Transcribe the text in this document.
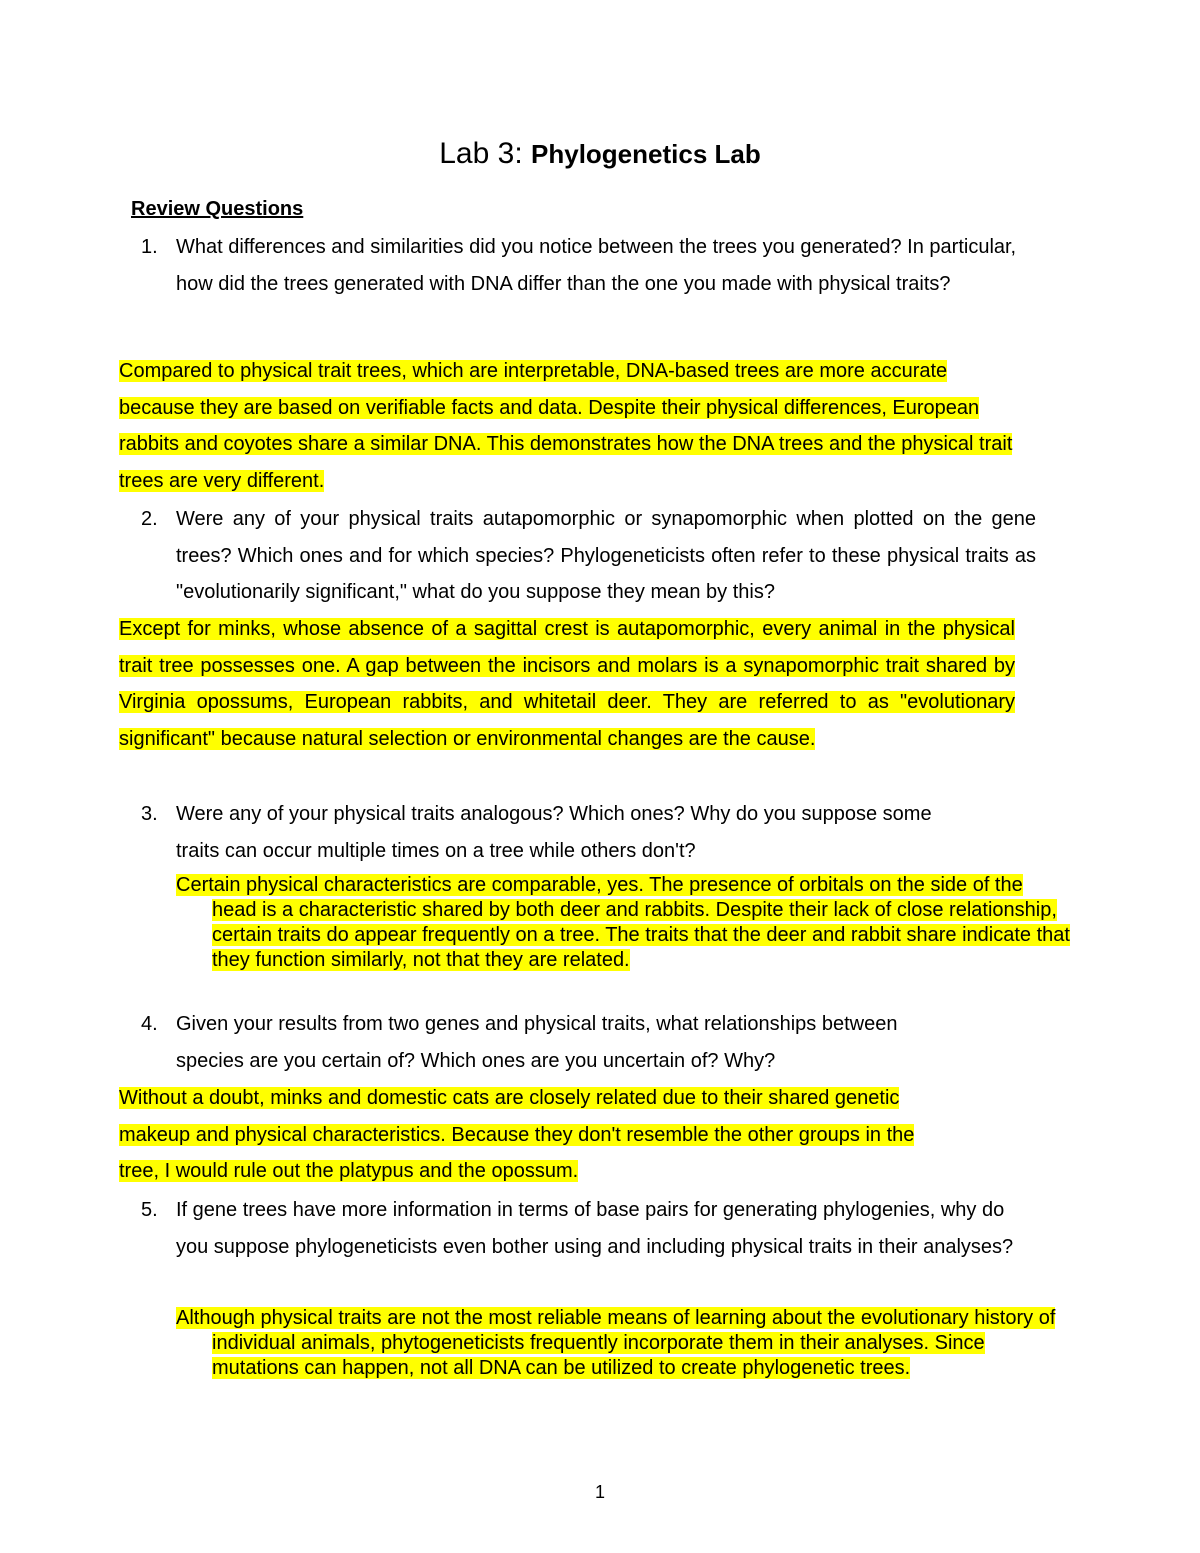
Lab 3: Phylogenetics Lab
Review Questions
1. What differences and similarities did you notice between the trees you generated? In particular, how did the trees generated with DNA differ than the one you made with physical traits?
Compared to physical trait trees, which are interpretable, DNA-based trees are more accurate because they are based on verifiable facts and data. Despite their physical differences, European rabbits and coyotes share a similar DNA. This demonstrates how the DNA trees and the physical trait trees are very different.
2. Were any of your physical traits autapomorphic or synapomorphic when plotted on the gene trees? Which ones and for which species? Phylogeneticists often refer to these physical traits as "evolutionarily significant," what do you suppose they mean by this?
Except for minks, whose absence of a sagittal crest is autapomorphic, every animal in the physical trait tree possesses one. A gap between the incisors and molars is a synapomorphic trait shared by Virginia opossums, European rabbits, and whitetail deer. They are referred to as "evolutionary significant" because natural selection or environmental changes are the cause.
3. Were any of your physical traits analogous? Which ones? Why do you suppose some traits can occur multiple times on a tree while others don't?
Certain physical characteristics are comparable, yes. The presence of orbitals on the side of the head is a characteristic shared by both deer and rabbits. Despite their lack of close relationship, certain traits do appear frequently on a tree. The traits that the deer and rabbit share indicate that they function similarly, not that they are related.
4. Given your results from two genes and physical traits, what relationships between species are you certain of? Which ones are you uncertain of? Why?
Without a doubt, minks and domestic cats are closely related due to their shared genetic makeup and physical characteristics. Because they don't resemble the other groups in the tree, I would rule out the platypus and the opossum.
5. If gene trees have more information in terms of base pairs for generating phylogenies, why do you suppose phylogeneticists even bother using and including physical traits in their analyses?
Although physical traits are not the most reliable means of learning about the evolutionary history of individual animals, phytogeneticists frequently incorporate them in their analyses. Since mutations can happen, not all DNA can be utilized to create phylogenetic trees.
1
